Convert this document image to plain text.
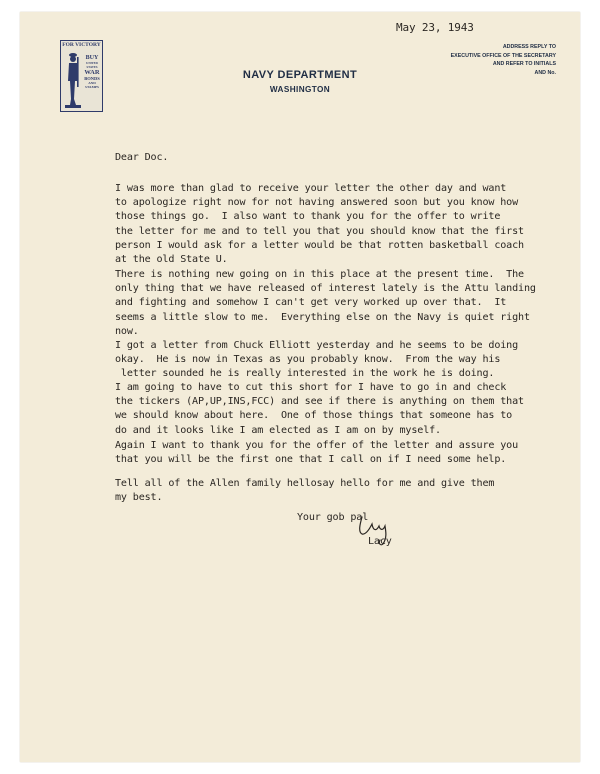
May 23, 1943
ADDRESS REPLY TO
EXECUTIVE OFFICE OF THE SECRETARY
AND REFER TO INITIALS
AND No.
FOR VICTORY
BUY
UNITED STATES
WAR
BONDS
AND STAMPS
NAVY DEPARTMENT
WASHINGTON
Dear Doc.

I was more than glad to receive your letter the other day and want
to apologize right now for not having answered soon but you know how
those things go.  I also want to thank you for the offer to write
the letter for me and to tell you that you should know that the first
person I would ask for a letter would be that rotten basketball coach
at the old State U.

There is nothing new going on in this place at the present time.  The
only thing that we have released of interest lately is the Attu landing
and fighting and somehow I can't get very worked up over that.  It
seems a little slow to me.  Everything else on the Navy is quiet right
now.

I got a letter from Chuck Elliott yesterday and he seems to be doing
okay.  He is now in Texas as you probably know.  From the way his
letter sounded he is really interested in the work he is doing.

I am going to have to cut this short for I have to go in and check
the tickers (AP,UP,INS,FCC) and see if there is anything on them that
we should know about here.  One of those things that someone has to
do and it looks like I am elected as I am on by myself.

Again I want to thank you for the offer of the letter and assure you
that you will be the first one that I call on if I need some help.

Tell all of the Allen family hellosay hello for me and give them
my best.

Your gob pal
Lacy
